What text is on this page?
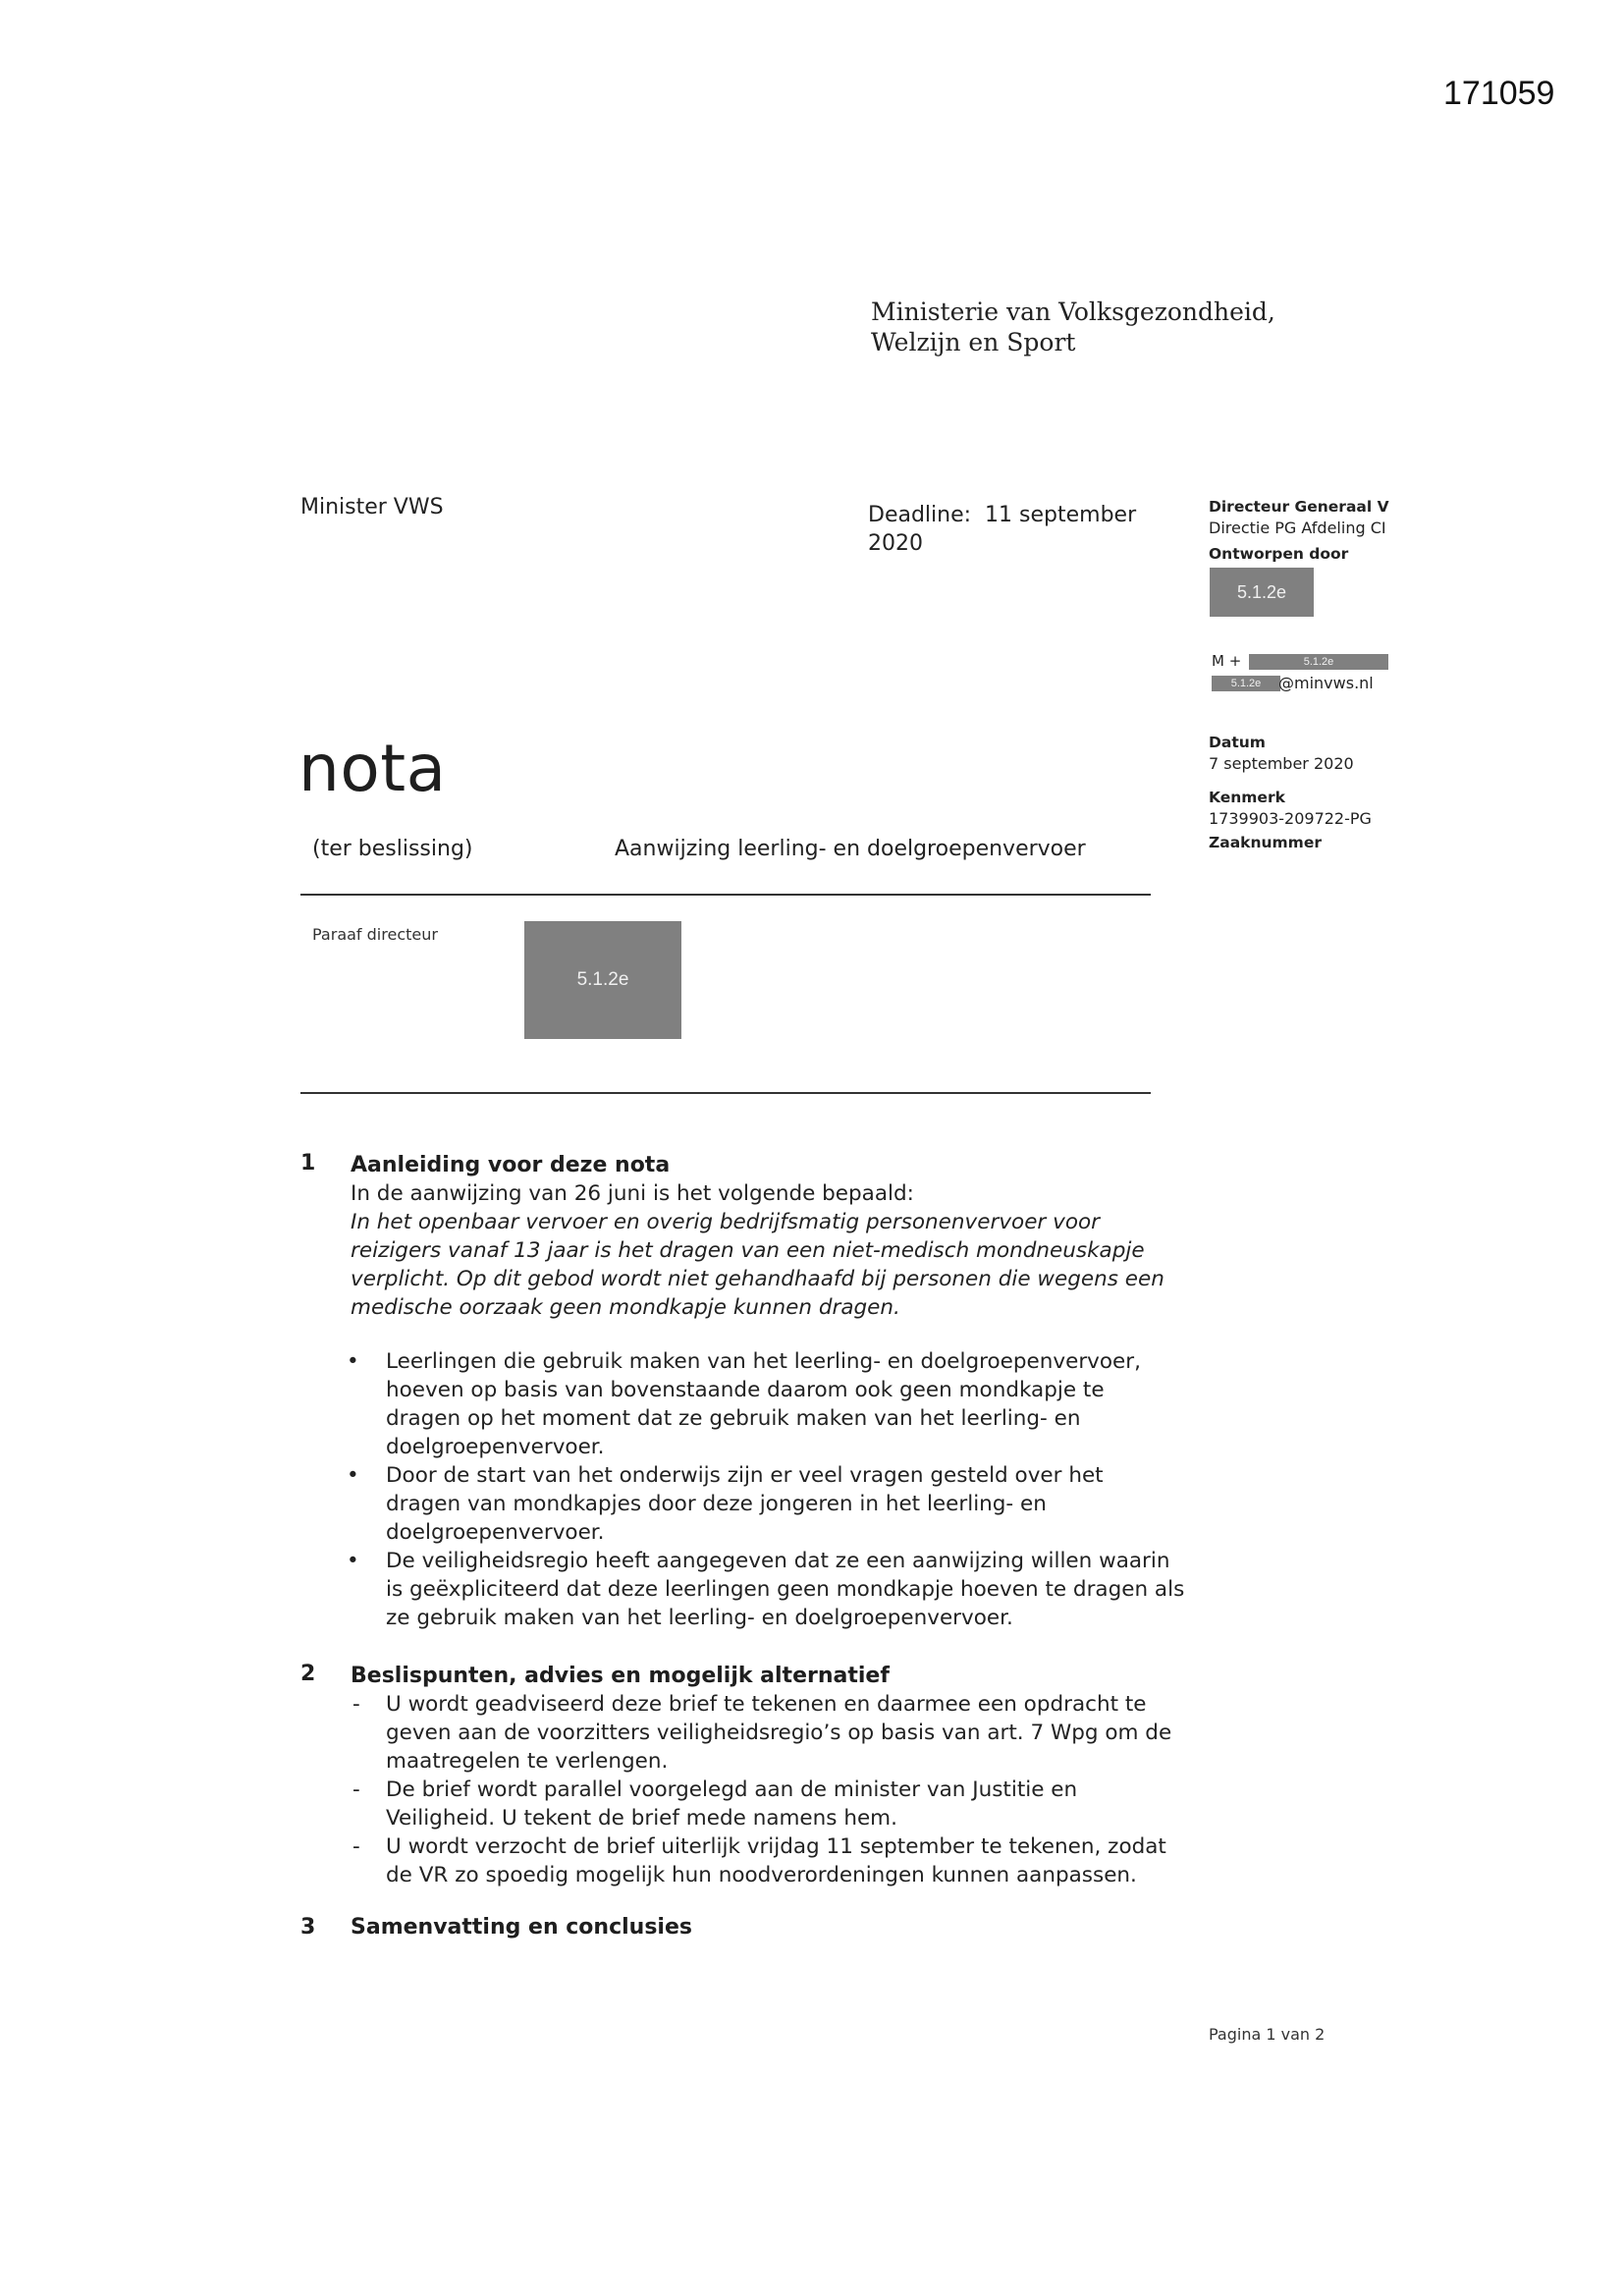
171059
Ministerie van Volksgezondheid,
Welzijn en Sport
Minister VWS	Deadline: 11 september 2020
Directeur Generaal V
Directie PG Afdeling CI
Ontworpen door
5.1.2e
M +	5.1.2e
5.1.2e	@minvws.nl
Datum
7 september 2020
Kenmerk
1739903-209722-PG
Zaaknummer
nota
(ter beslissing)	Aanwijzing leerling- en doelgroepenvervoer
Paraaf directeur
5.1.2e
1 Aanleiding voor deze nota
In de aanwijzing van 26 juni is het volgende bepaald:
In het openbaar vervoer en overig bedrijfsmatig personenvervoer voor
reizigers vanaf 13 jaar is het dragen van een niet-medisch mondneuskapje
verplicht. Op dit gebod wordt niet gehandhaafd bij personen die wegens een
medische oorzaak geen mondkapje kunnen dragen.
• Leerlingen die gebruik maken van het leerling- en doelgroepenvervoer,
hoeven op basis van bovenstaande daarom ook geen mondkapje te
dragen op het moment dat ze gebruik maken van het leerling- en
doelgroepenvervoer.
• Door de start van het onderwijs zijn er veel vragen gesteld over het
dragen van mondkapjes door deze jongeren in het leerling- en
doelgroepenvervoer.
• De veiligheidsregio heeft aangegeven dat ze een aanwijzing willen waarin
is geëxpliciteerd dat deze leerlingen geen mondkapje hoeven te dragen als
ze gebruik maken van het leerling- en doelgroepenvervoer.
2 Beslispunten, advies en mogelijk alternatief
- U wordt geadviseerd deze brief te tekenen en daarmee een opdracht te
geven aan de voorzitters veiligheidsregio’s op basis van art. 7 Wpg om de
maatregelen te verlengen.
- De brief wordt parallel voorgelegd aan de minister van Justitie en
Veiligheid. U tekent de brief mede namens hem.
- U wordt verzocht de brief uiterlijk vrijdag 11 september te tekenen, zodat
de VR zo spoedig mogelijk hun noodverordeningen kunnen aanpassen.
3 Samenvatting en conclusies
Pagina 1 van 2
